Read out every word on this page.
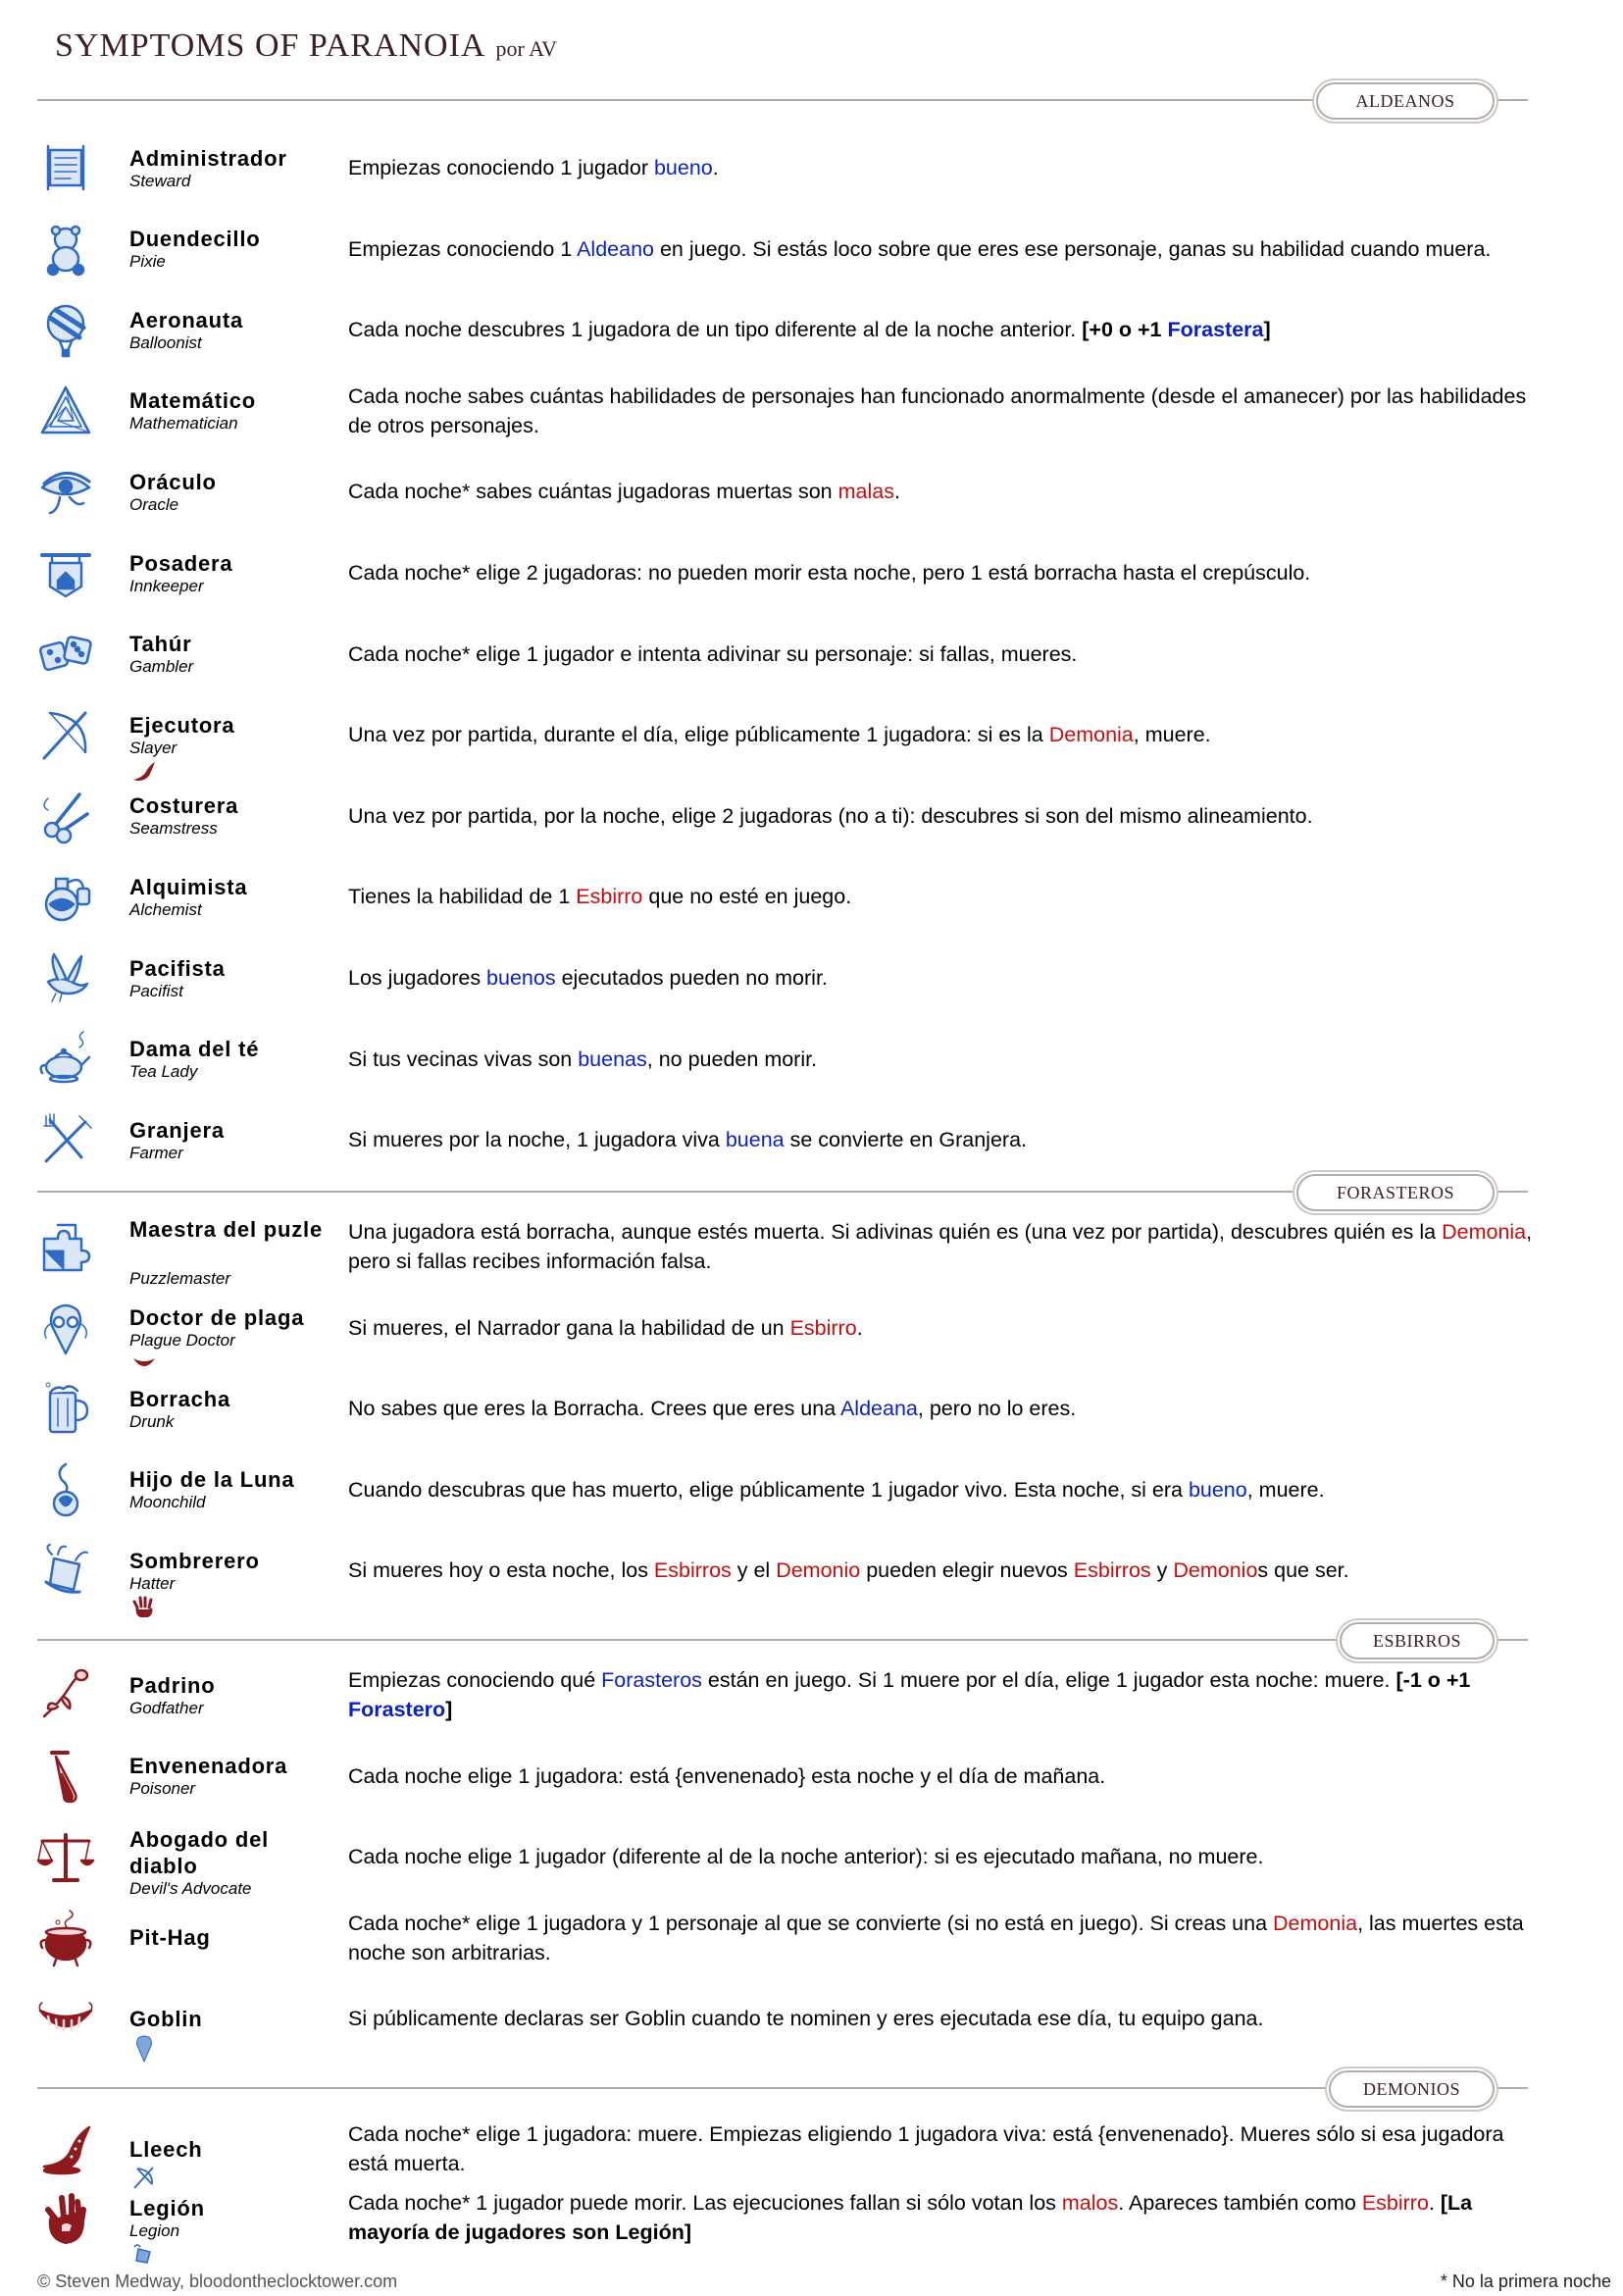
SYMPTOMS OF PARANOIA por AV
ALDEANOS
FORASTEROS
ESBIRROS
DEMONIOS
Administrador
Steward
Empiezas conociendo 1 jugador bueno.
Duendecillo
Pixie
Empiezas conociendo 1 Aldeano en juego. Si estás loco sobre que eres ese personaje, ganas su habilidad cuando muera.
Aeronauta
Balloonist
Cada noche descubres 1 jugadora de un tipo diferente al de la noche anterior. [+0 o +1 Forastera]
Matemático
Mathematician
Cada noche sabes cuántas habilidades de personajes han funcionado anormalmente (desde el amanecer) por las habilidades de otros personajes.
Oráculo
Oracle
Cada noche* sabes cuántas jugadoras muertas son malas.
Posadera
Innkeeper
Cada noche* elige 2 jugadoras: no pueden morir esta noche, pero 1 está borracha hasta el crepúsculo.
Tahúr
Gambler
Cada noche* elige 1 jugador e intenta adivinar su personaje: si fallas, mueres.
Ejecutora
Slayer
Una vez por partida, durante el día, elige públicamente 1 jugadora: si es la Demonia, muere.
Costurera
Seamstress
Una vez por partida, por la noche, elige 2 jugadoras (no a ti): descubres si son del mismo alineamiento.
Alquimista
Alchemist
Tienes la habilidad de 1 Esbirro que no esté en juego.
Pacifista
Pacifist
Los jugadores buenos ejecutados pueden no morir.
Dama del té
Tea Lady
Si tus vecinas vivas son buenas, no pueden morir.
Granjera
Farmer
Si mueres por la noche, 1 jugadora viva buena se convierte en Granjera.
Maestra del puzle
Puzzlemaster
Una jugadora está borracha, aunque estés muerta. Si adivinas quién es (una vez por partida), descubres quién es la Demonia, pero si fallas recibes información falsa.
Doctor de plaga
Plague Doctor
Si mueres, el Narrador gana la habilidad de un Esbirro.
Borracha
Drunk
No sabes que eres la Borracha. Crees que eres una Aldeana, pero no lo eres.
Hijo de la Luna
Moonchild
Cuando descubras que has muerto, elige públicamente 1 jugador vivo. Esta noche, si era bueno, muere.
Sombrerero
Hatter
Si mueres hoy o esta noche, los Esbirros y el Demonio pueden elegir nuevos Esbirros y Demonios que ser.
Padrino
Godfather
Empiezas conociendo qué Forasteros están en juego. Si 1 muere por el día, elige 1 jugador esta noche: muere. [-1 o +1 Forastero]
Envenenadora
Poisoner
Cada noche elige 1 jugadora: está {envenenado} esta noche y el día de mañana.
Abogado del diablo
Devil's Advocate
Cada noche elige 1 jugador (diferente al de la noche anterior): si es ejecutado mañana, no muere.
Pit-Hag
Cada noche* elige 1 jugadora y 1 personaje al que se convierte (si no está en juego). Si creas una Demonia, las muertes esta noche son arbitrarias.
Goblin	Si públicamente declaras ser Goblin cuando te nominen y eres ejecutada ese día, tu equipo gana.
Lleech
Cada noche* elige 1 jugadora: muere. Empiezas eligiendo 1 jugadora viva: está {envenenado}. Mueres sólo si esa jugadora está muerta.
Legión
Legion
Cada noche* 1 jugador puede morir. Las ejecuciones fallan si sólo votan los malos. Apareces también como Esbirro. [La mayoría de jugadores son Legión]
© Steven Medway, bloodontheclocktower.com	* No la primera noche
